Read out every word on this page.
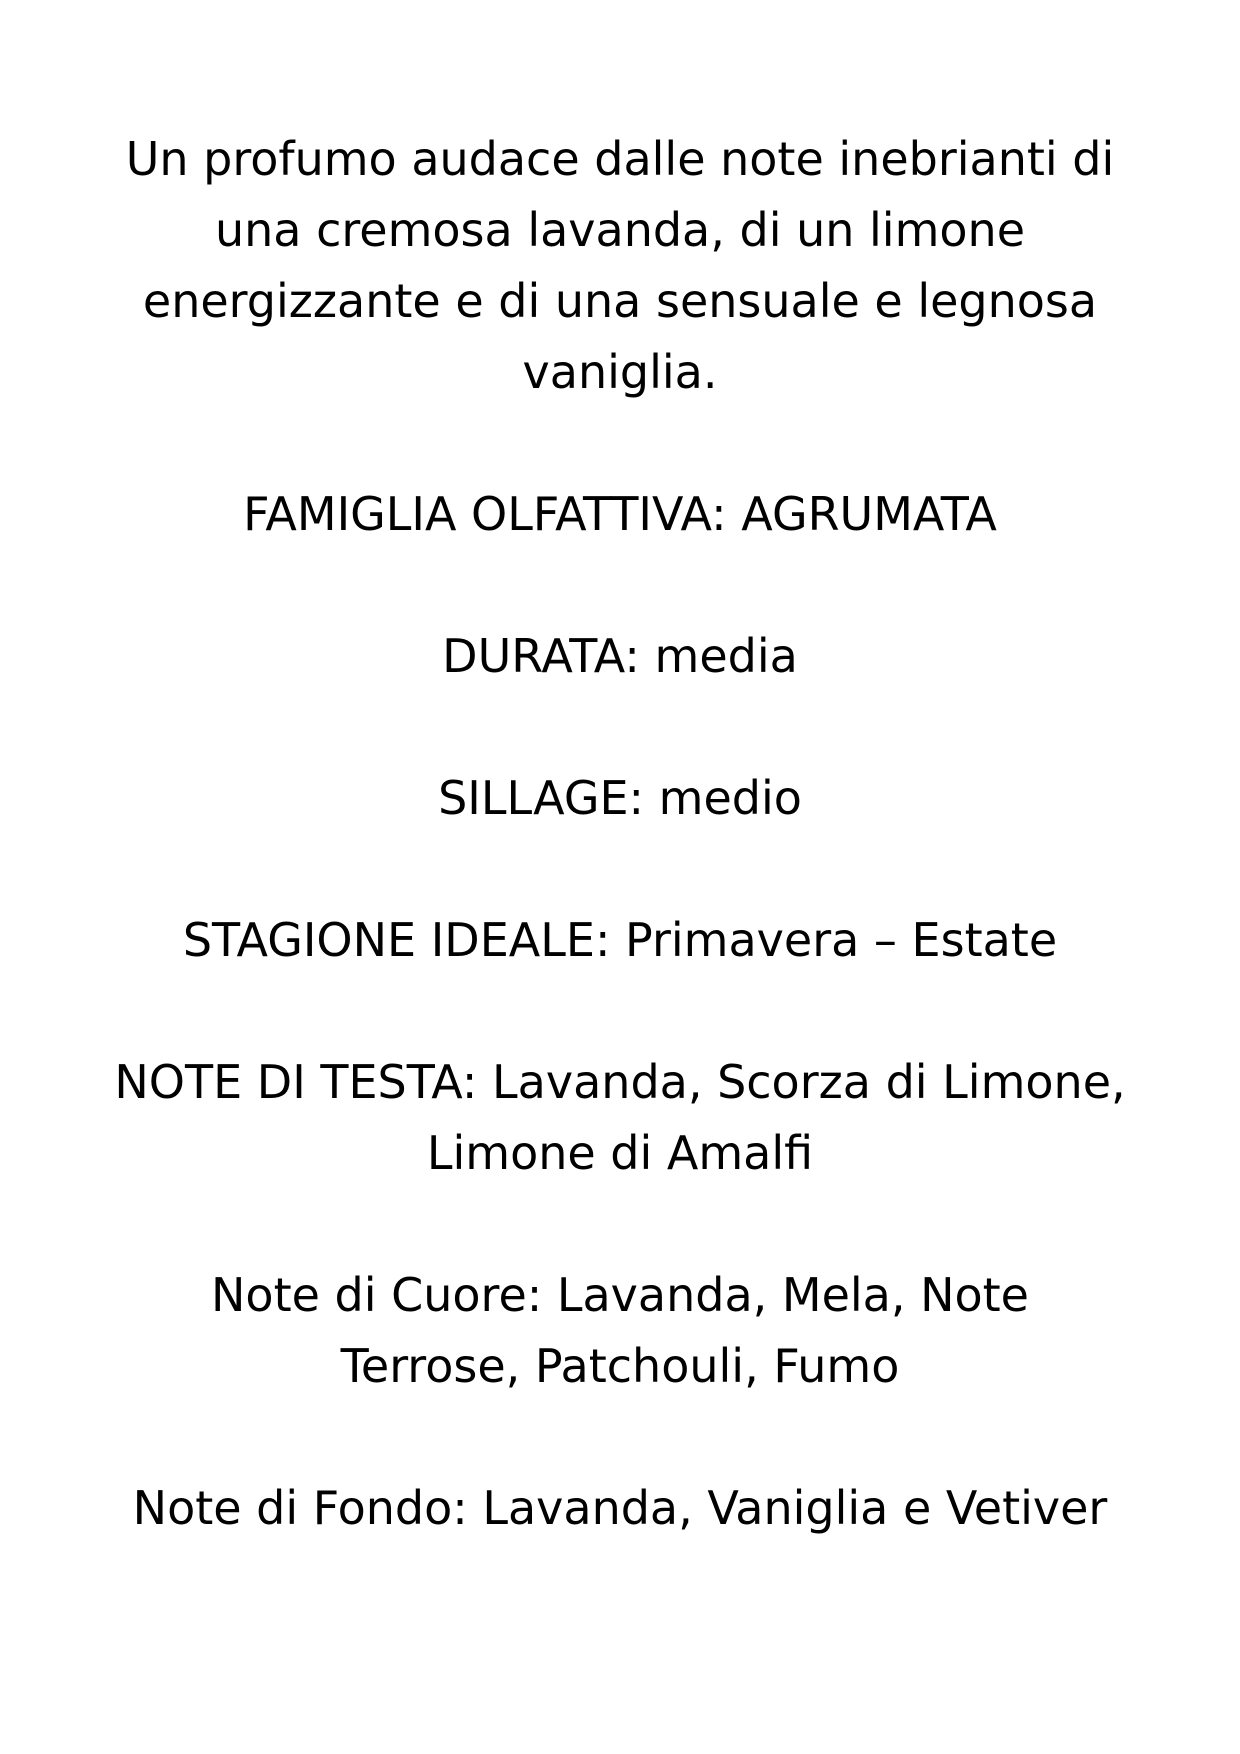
Un profumo audace dalle note inebrianti di
una cremosa lavanda, di un limone
energizzante e di una sensuale e legnosa
vaniglia.

FAMIGLIA OLFATTIVA: AGRUMATA

DURATA: media

SILLAGE: medio

STAGIONE IDEALE: Primavera – Estate

NOTE DI TESTA: Lavanda, Scorza di Limone,
Limone di Amalfi

Note di Cuore: Lavanda, Mela, Note
Terrose, Patchouli, Fumo

Note di Fondo: Lavanda, Vaniglia e Vetiver
